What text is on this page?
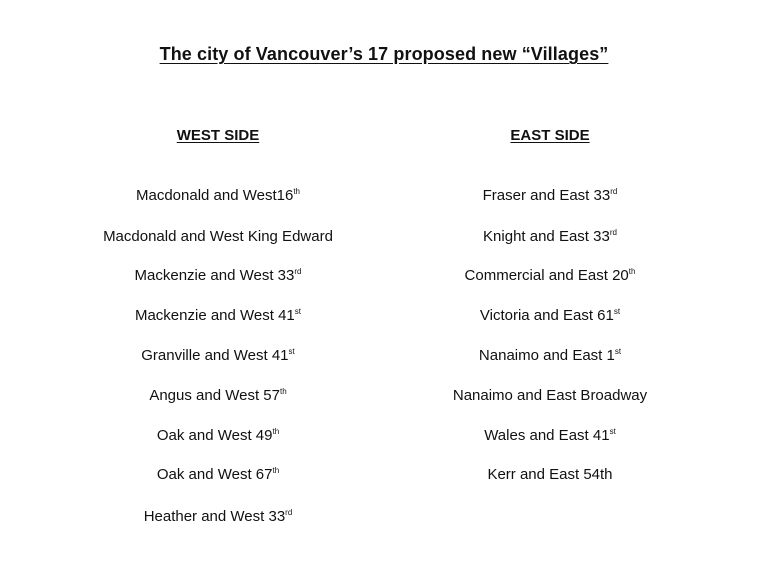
The city of Vancouver’s 17 proposed new “Villages”
WEST SIDE
Macdonald and West16th
Macdonald and West King Edward
Mackenzie and West 33rd
Mackenzie and West 41st
Granville and West 41st
Angus and West 57th
Oak and West 49th
Oak and West 67th
Heather and West 33rd
EAST SIDE
Fraser and East 33rd
Knight and East 33rd
Commercial and East 20th
Victoria and East 61st
Nanaimo and East 1st
Nanaimo and East Broadway
Wales and East 41st
Kerr and East 54th
